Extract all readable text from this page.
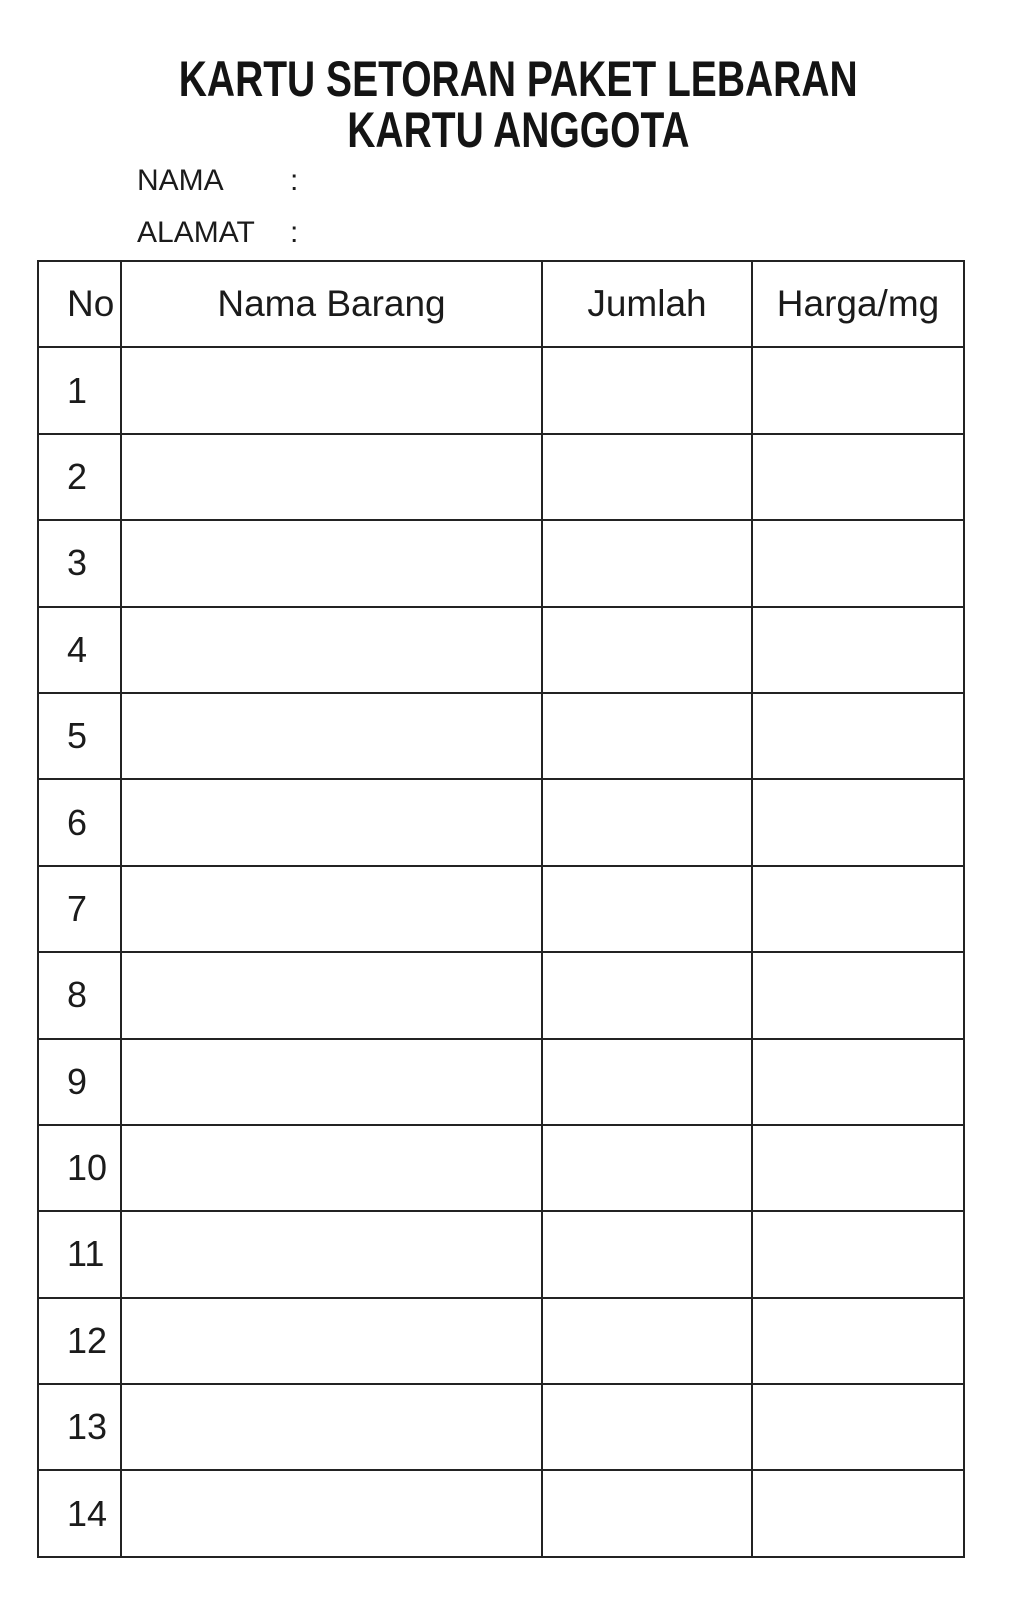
KARTU SETORAN PAKET LEBARAN
KARTU ANGGOTA
NAMA :
ALAMAT :
No	Nama Barang	Jumlah	Harga/mg
1			
2			
3			
4			
5			
6			
7			
8			
9			
10			
11			
12			
13			
14			
